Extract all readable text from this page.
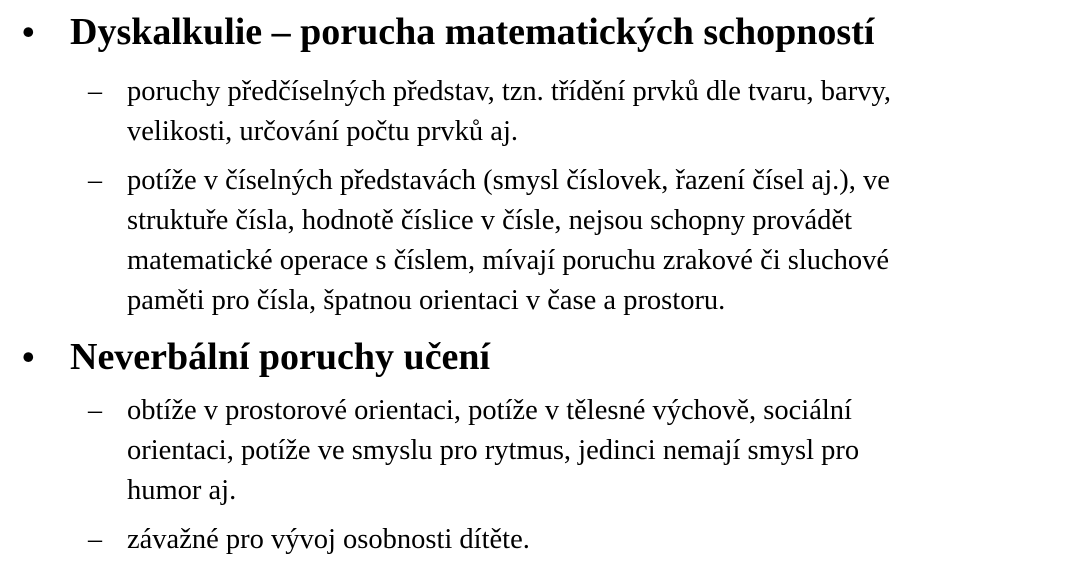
• Dyskalkulie – porucha matematických schopností
– poruchy předčíselných představ, tzn. třídění prvků dle tvaru, barvy,
velikosti, určování počtu prvků aj.
– potíže v číselných představách (smysl číslovek, řazení čísel aj.), ve
struktuře čísla, hodnotě číslice v čísle, nejsou schopny provádět
matematické operace s číslem, mívají poruchu zrakové či sluchové
paměti pro čísla, špatnou orientaci v čase a prostoru.
• Neverbální poruchy učení
– obtíže v prostorové orientaci, potíže v tělesné výchově, sociální
orientaci, potíže ve smyslu pro rytmus, jedinci nemají smysl pro
humor aj.
– závažné pro vývoj osobnosti dítěte.
